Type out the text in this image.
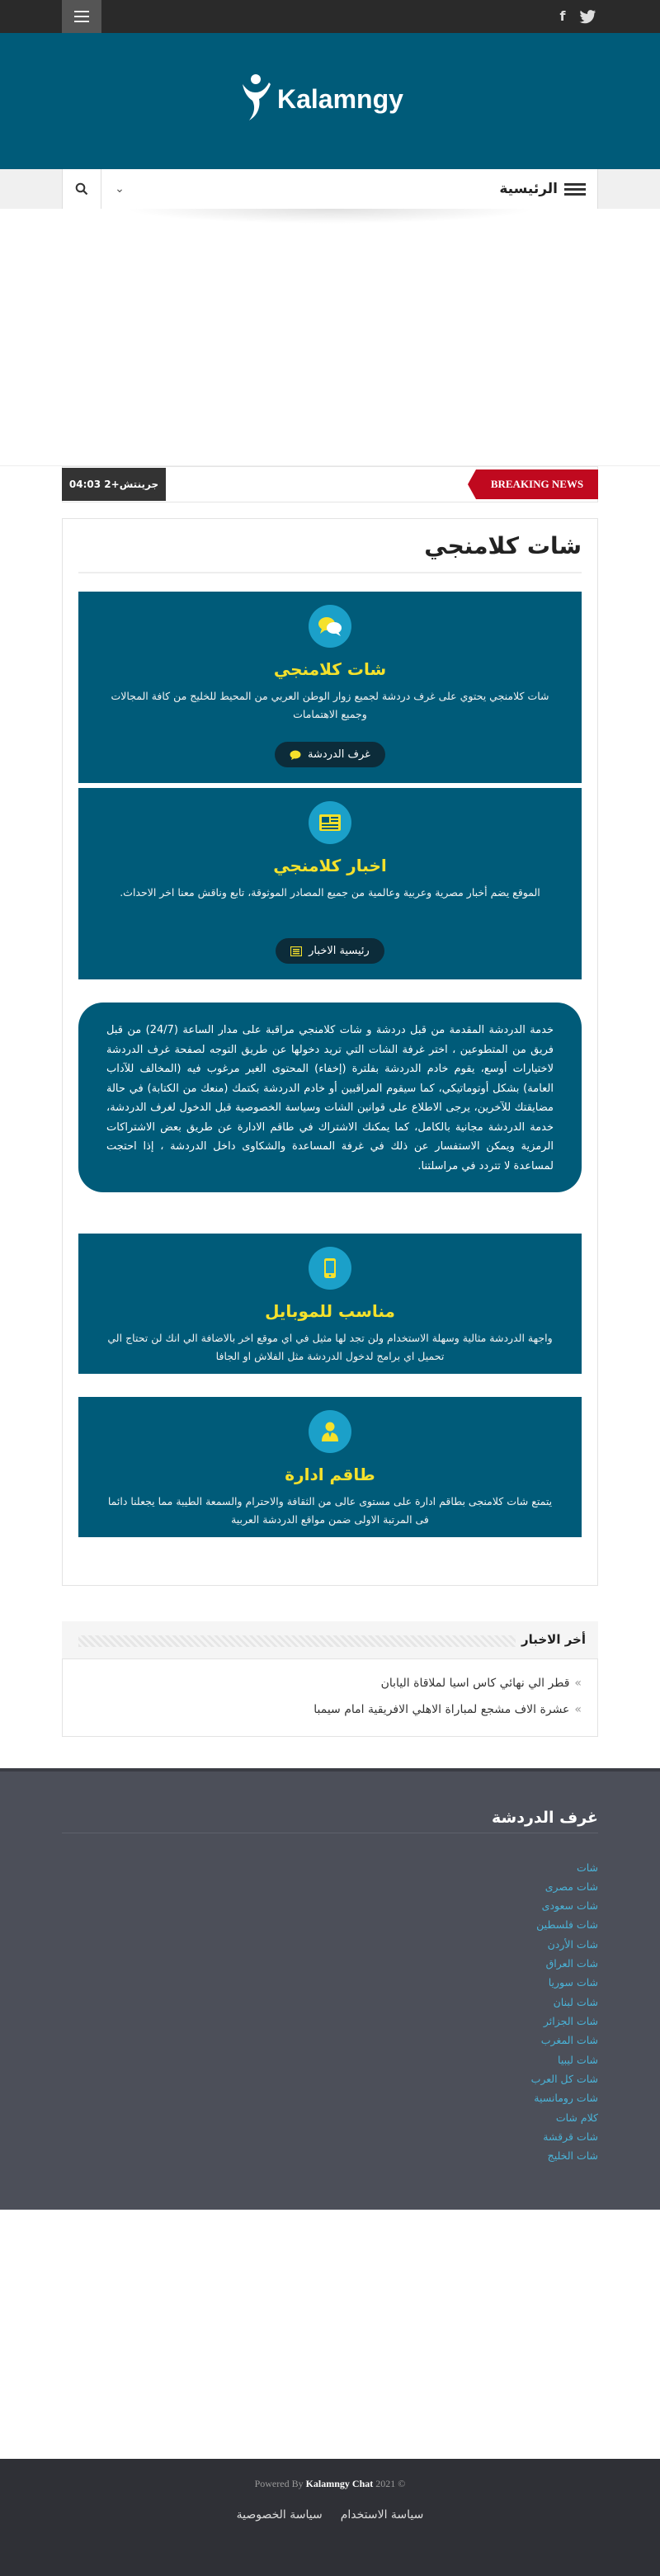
f
Kalamngy
⌄	الرئيسية
BREAKING NEWS
جرينتش+2 04:03
شات كلامنجي
شات كلامنجي
شات كلامنجي يحتوي على غرف دردشة لجميع زوار الوطن العربي من المحيط للخليج من كافة المجالات وجميع الاهتمامات
غرف الدردشة
اخبار كلامنجي
الموقع يضم أخبار مصرية وعربية وعالمية من جميع المصادر الموثوقة، تابع وناقش معنا اخر الاحداث.
رئيسية الاخبار
خدمة الدردشة المقدمة من قبل دردشة و شات كلامنجي مراقبة على مدار الساعة (24/7) من قبل فريق من المتطوعين ، اختر غرفة الشات التي تريد دخولها عن طريق التوجه لصفحة غرف الدردشة لاختيارات أوسع، يقوم خادم الدردشة بفلترة (إخفاء) المحتوى الغير مرغوب فيه (المخالف للآداب العامة) بشكل أوتوماتيكي، كما سيقوم المراقبين أو خادم الدردشة بكتمك (منعك من الكتابة) في حالة مضايقتك للآخرين، يرجى الاطلاع على قوانين الشات وسياسة الخصوصية قبل الدخول لغرف الدردشة، خدمة الدردشة مجانية بالكامل، كما يمكنك الاشتراك في طاقم الادارة عن طريق بعض الاشتراكات الرمزية ويمكن الاستفسار عن ذلك في غرفة المساعدة والشكاوى داخل الدردشة ، إذا احتجت لمساعدة لا تتردد في مراسلتنا.
مناسب للموبايل
واجهة الدردشة مثالية وسهلة الاستخدام ولن تجد لها مثيل في اي موقع اخر بالاضافة الي انك لن تحتاج الي تحميل اي برامج لدخول الدردشة مثل الفلاش او الجافا
طاقم ادارة
يتمتع شات كلامنجى بطاقم ادارة على مستوى عالى من الثقافة والاحترام والسمعة الطيبة مما يجعلنا دائما فى المرتبة الاولى ضمن مواقع الدردشة العربية
أخر الاخبار
»
قطر الي نهائي كاس اسيا لملاقاة اليابان
»
عشرة الاف مشجع لمباراة الاهلي الافريقية امام سيمبا
غرف الدردشة
شات
شات مصرى
شات سعودى
شات فلسطين
شات الأردن
شات العراق
شات سوريا
شات لبنان
شات الجزائر
شات المغرب
شات ليبيا
شات كل العرب
شات رومانسية
كلام شات
شات قرقشة
شات الخليج
Powered By Kalamngy Chat 2021 ©
سياسة الاستخدام
سياسة الخصوصية
